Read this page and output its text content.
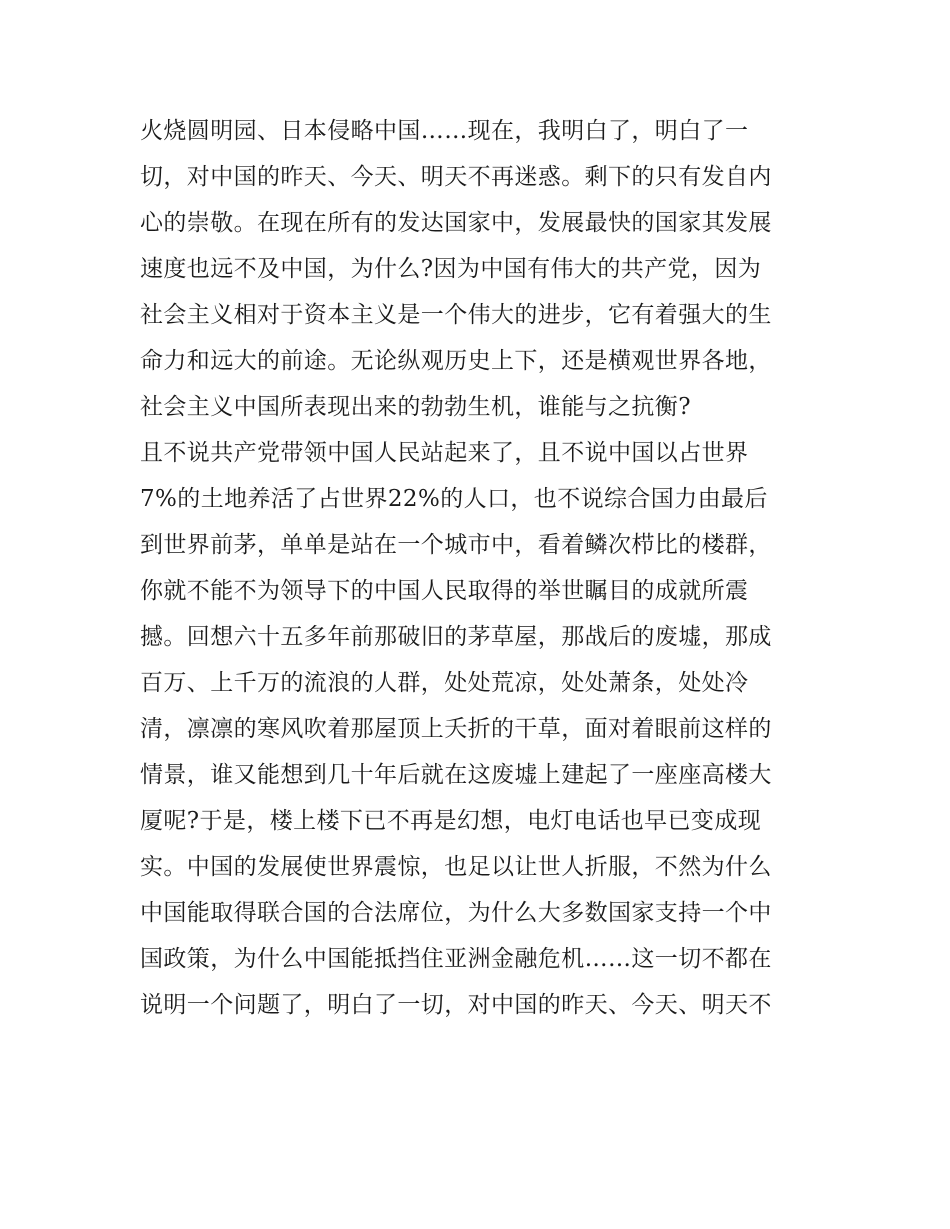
火烧圆明园、日本侵略中国……现在，我明白了，明白了一
切，对中国的昨天、今天、明天不再迷惑。剩下的只有发自内
心的崇敬。在现在所有的发达国家中，发展最快的国家其发展
速度也远不及中国，为什么?因为中国有伟大的共产党，因为
社会主义相对于资本主义是一个伟大的进步，它有着强大的生
命力和远大的前途。无论纵观历史上下，还是横观世界各地，
社会主义中国所表现出来的勃勃生机，谁能与之抗衡?
且不说共产党带领中国人民站起来了，且不说中国以占世界
7%的土地养活了占世界22%的人口，也不说综合国力由最后
到世界前茅，单单是站在一个城市中，看着鳞次栉比的楼群，
你就不能不为领导下的中国人民取得的举世瞩目的成就所震
撼。回想六十五多年前那破旧的茅草屋，那战后的废墟，那成
百万、上千万的流浪的人群，处处荒凉，处处萧条，处处冷
清，凛凛的寒风吹着那屋顶上夭折的干草，面对着眼前这样的
情景，谁又能想到几十年后就在这废墟上建起了一座座高楼大
厦呢?于是，楼上楼下已不再是幻想，电灯电话也早已变成现
实。中国的发展使世界震惊，也足以让世人折服，不然为什么
中国能取得联合国的合法席位，为什么大多数国家支持一个中
国政策，为什么中国能抵挡住亚洲金融危机……这一切不都在
说明一个问题了，明白了一切，对中国的昨天、今天、明天不
